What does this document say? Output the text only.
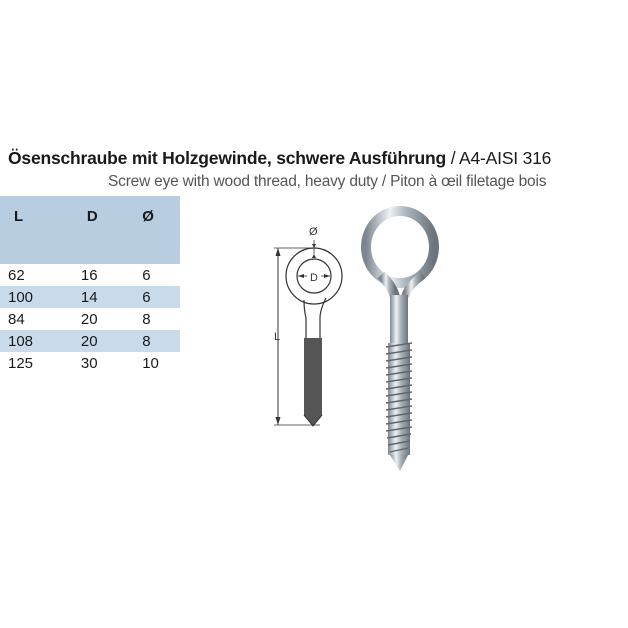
Ösenschraube mit Holzgewinde, schwere Ausführung / A4-AISI 316
Screw eye with wood thread, heavy duty / Piton à œil filetage bois
L	D	Ø
62	16	6
100	14	6
84	20	8
108	20	8
125	30	10
L
D
Ø
